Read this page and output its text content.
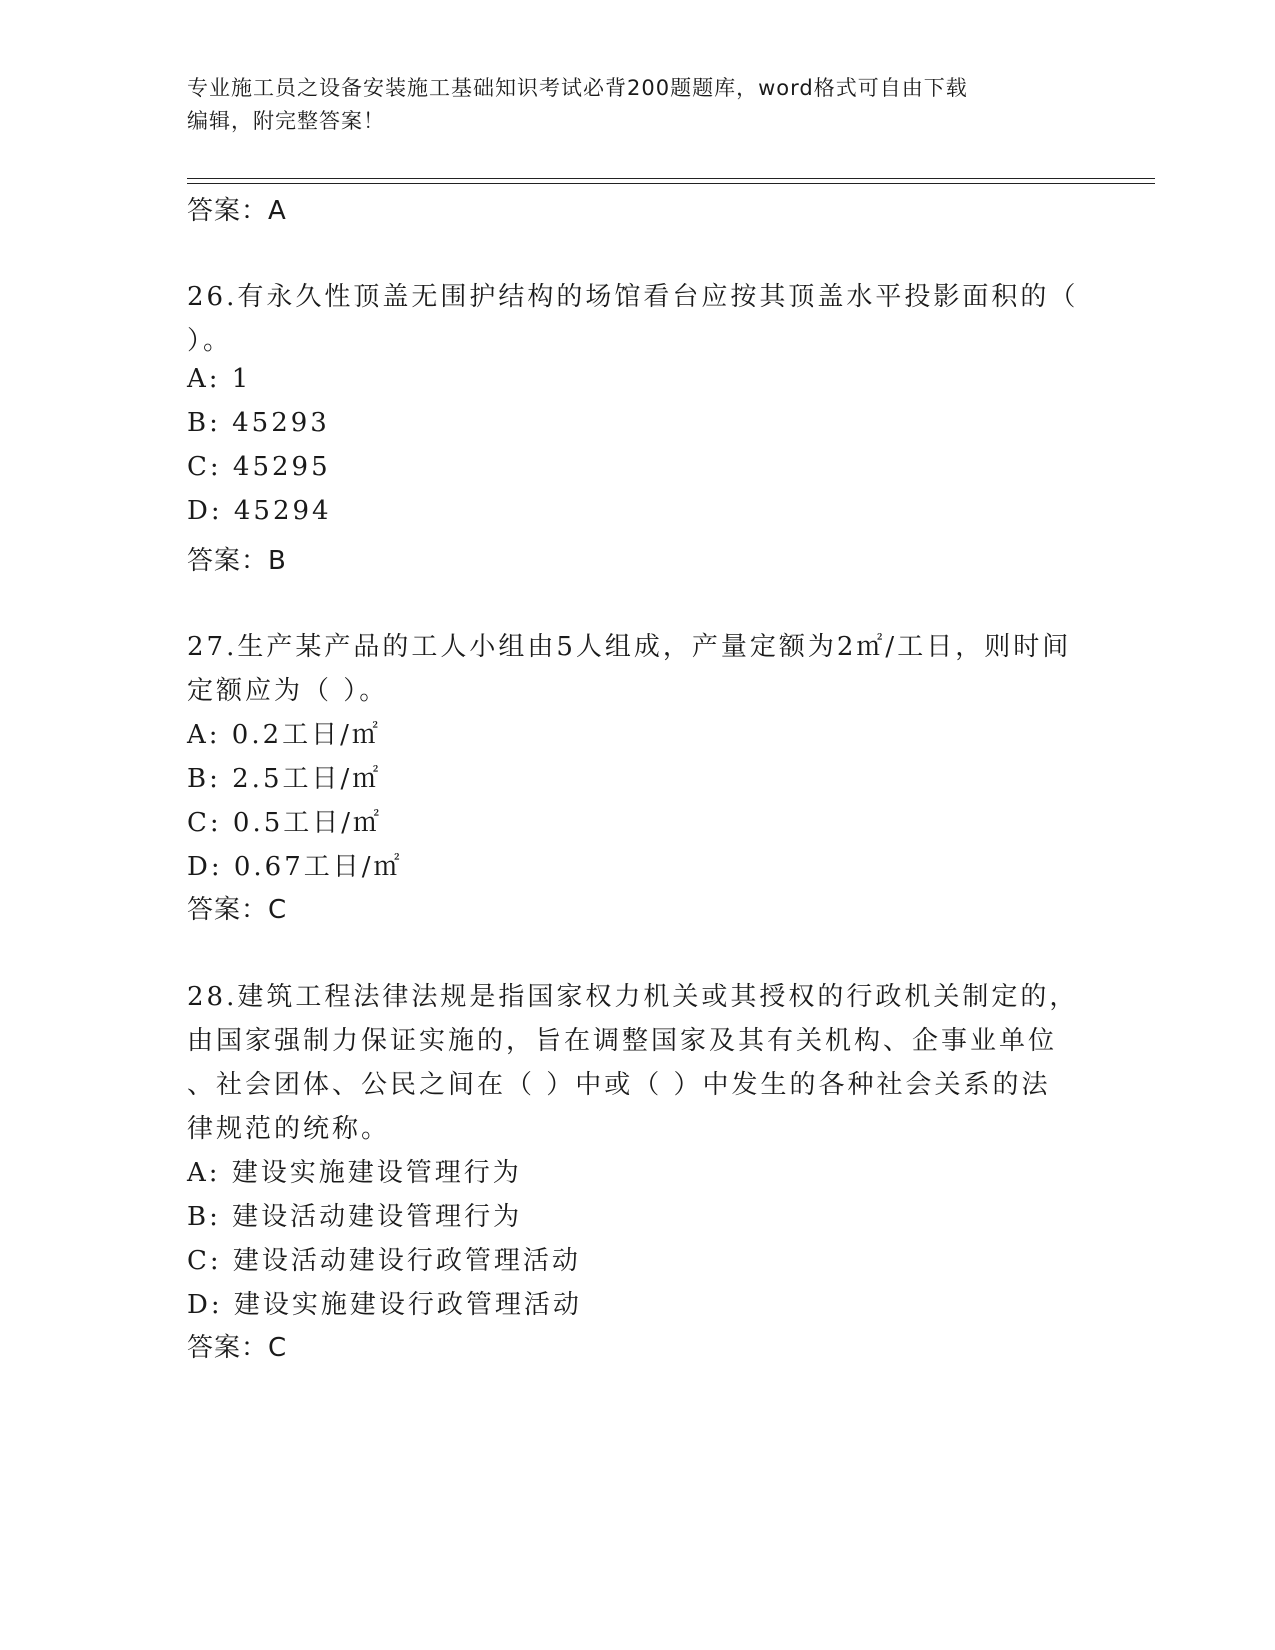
专业施工员之设备安装施工基础知识考试必背200题题库，word格式可自由下载
编辑，附完整答案！
答案：A
26.有永久性顶盖无围护结构的场馆看台应按其顶盖水平投影面积的（
）。
A: 1
B: 45293
C: 45295
D: 45294
答案：B
27.生产某产品的工人小组由5人组成，产量定额为2㎡/工日，则时间
定额应为（ ）。
A: 0.2工日/㎡
B: 2.5工日/㎡
C: 0.5工日/㎡
D: 0.67工日/㎡
答案：C
28.建筑工程法律法规是指国家权力机关或其授权的行政机关制定的，
由国家强制力保证实施的，旨在调整国家及其有关机构、企事业单位
、社会团体、公民之间在（ ）中或（ ）中发生的各种社会关系的法
律规范的统称。
A: 建设实施建设管理行为
B: 建设活动建设管理行为
C: 建设活动建设行政管理活动
D: 建设实施建设行政管理活动
答案：C
